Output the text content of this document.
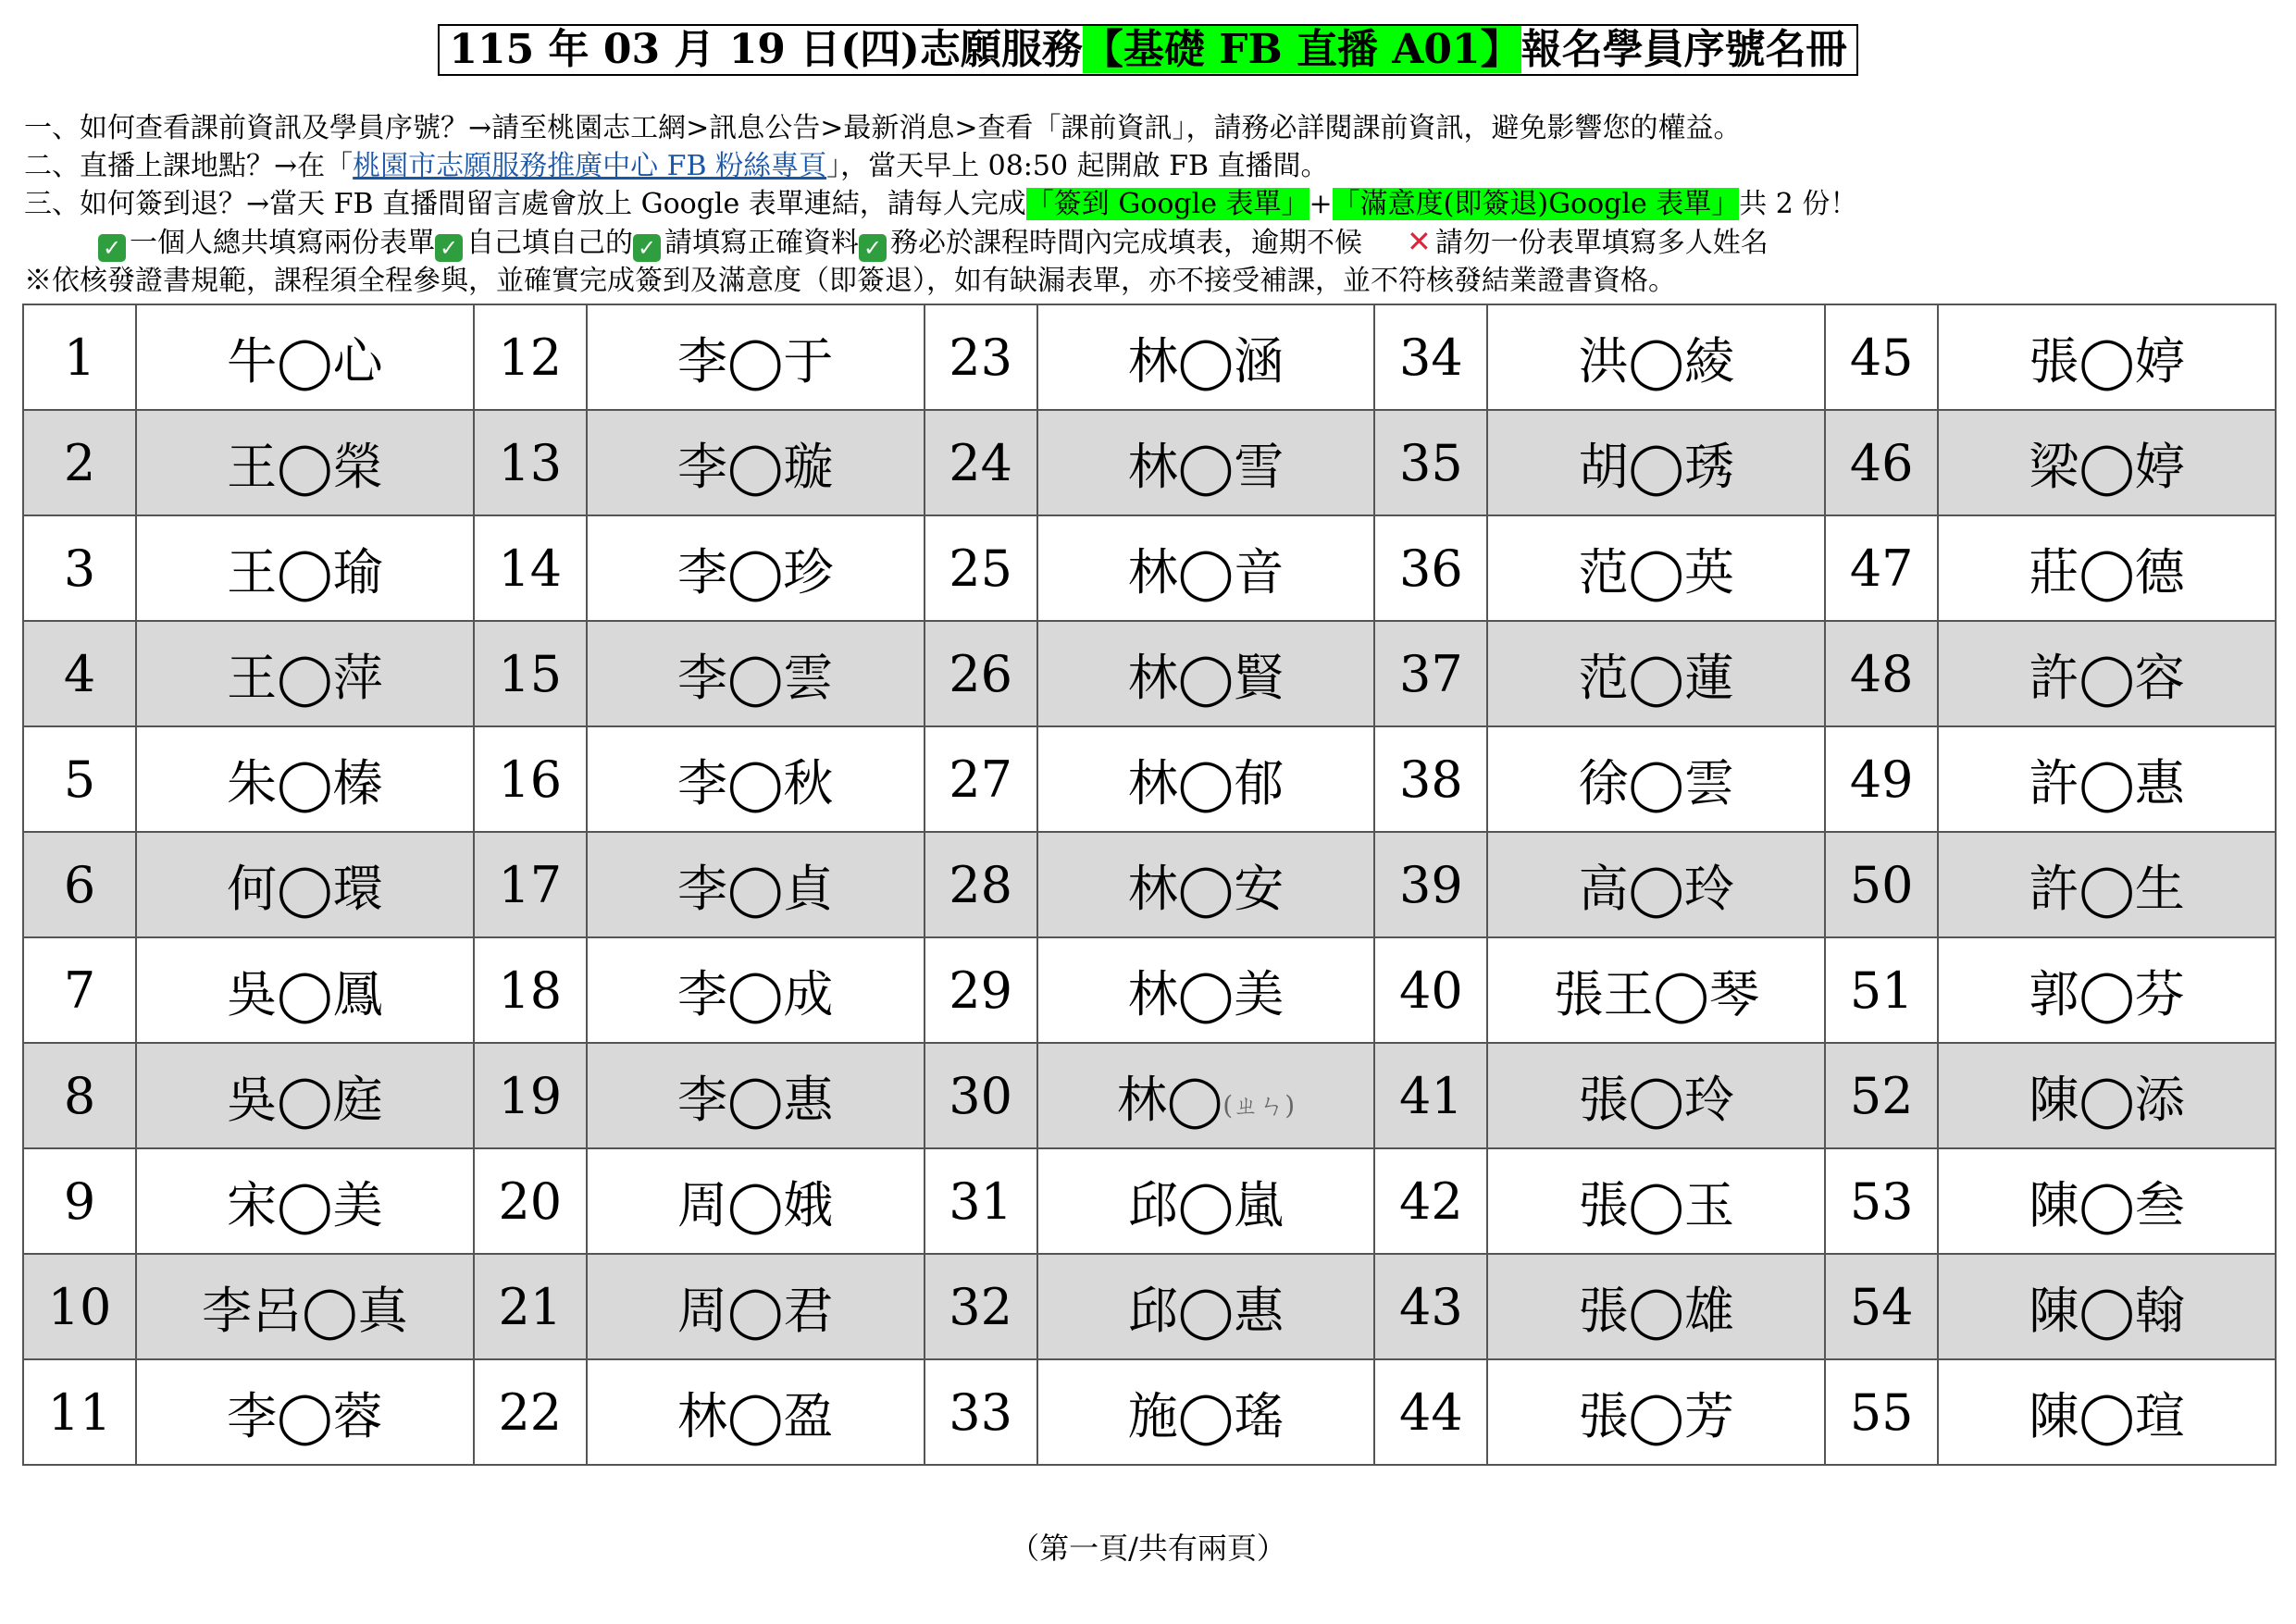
115 年 03 月 19 日(四)志願服務【基礎 FB 直播 A01】報名學員序號名冊
一、如何查看課前資訊及學員序號？→請至桃園志工網>訊息公告>最新消息>查看「課前資訊」，請務必詳閱課前資訊，避免影響您的權益。
二、直播上課地點？→在「桃園市志願服務推廣中心 FB 粉絲專頁」，當天早上 08:50 起開啟 FB 直播間。
三、如何簽到退？→當天 FB 直播間留言處會放上 Google 表單連結，請每人完成「簽到 Google 表單」+「滿意度(即簽退)Google 表單」共 2 份！
✓ 一個人總共填寫兩份表單 ✓ 自己填自己的 ✓ 請填寫正確資料 ✓ 務必於課程時間內完成填表，逾期不候 ✕ 請勿一份表單填寫多人姓名
※依核發證書規範，課程須全程參與，並確實完成簽到及滿意度（即簽退），如有缺漏表單，亦不接受補課，並不符核發結業證書資格。
1	牛◯心	12	李◯于	23	林◯涵	34	洪◯綾	45	張◯婷
2	王◯榮	13	李◯璇	24	林◯雪	35	胡◯琇	46	梁◯婷
3	王◯瑜	14	李◯珍	25	林◯音	36	范◯英	47	莊◯德
4	王◯萍	15	李◯雲	26	林◯賢	37	范◯蓮	48	許◯容
5	朱◯榛	16	李◯秋	27	林◯郁	38	徐◯雲	49	許◯惠
6	何◯環	17	李◯貞	28	林◯安	39	高◯玲	50	許◯生
7	吳◯鳳	18	李◯成	29	林◯美	40	張王◯琴	51	郭◯芬
8	吳◯庭	19	李◯惠	30	林◯(ㄓㄣ)	41	張◯玲	52	陳◯添
9	宋◯美	20	周◯娥	31	邱◯嵐	42	張◯玉	53	陳◯叁
10	李呂◯真	21	周◯君	32	邱◯惠	43	張◯雄	54	陳◯翰
11	李◯蓉	22	林◯盈	33	施◯瑤	44	張◯芳	55	陳◯瑄
（第一頁/共有兩頁）
